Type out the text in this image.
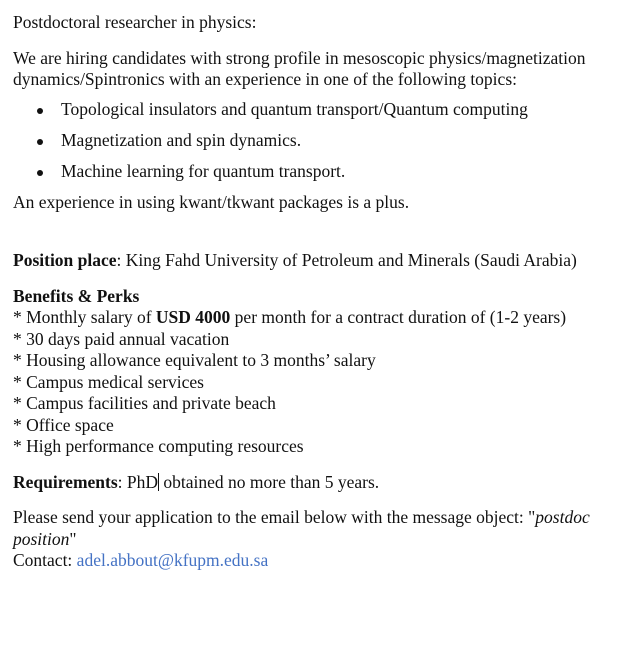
Postdoctoral researcher in physics:

We are hiring candidates with strong profile in mesoscopic physics/magnetization dynamics/Spintronics with an experience in one of the following topics:

Topological insulators and quantum transport/Quantum computing
Magnetization and spin dynamics.
Machine learning for quantum transport.

An experience in using kwant/tkwant packages is a plus.

Position place: King Fahd University of Petroleum and Minerals (Saudi Arabia)

Benefits & Perks

* Monthly salary of USD 4000 per month for a contract duration of (1-2 years)

* 30 days paid annual vacation

* Housing allowance equivalent to 3 months’ salary

* Campus medical services

* Campus facilities and private beach

* Office space

* High performance computing resources

Requirements: PhD obtained no more than 5 years.

Please send your application to the email below with the message object: "postdoc position"

Contact: adel.abbout@kfupm.edu.sa
